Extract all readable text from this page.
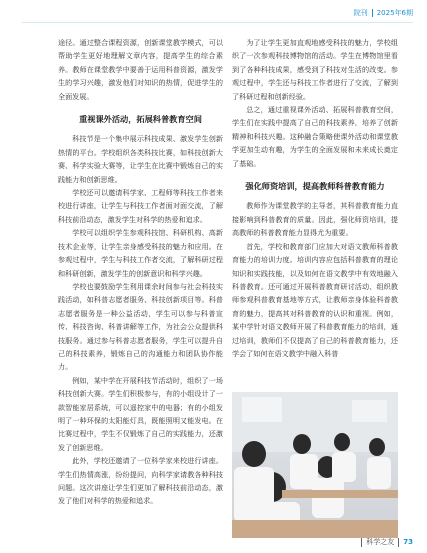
院刊 2025年6期

途径。通过整合课程资源，创新课堂教学模式，可以帮助学生更好地理解文章内容，提高学生的综合素养。教师在课堂教学中要善于运用科普资源，激发学生的学习兴趣，激发他们对知识的热情，促进学生的全面发展。

重视课外活动，拓展科普教育空间

科技节是一个集中展示科技成果、激发学生创新热情的平台。学校组织各类科技比赛，如科技创新大赛、科学实验大赛等，让学生在比赛中锻炼自己的实践能力和创新思维。

学校还可以邀请科学家、工程师等科技工作者来校进行讲座，让学生与科技工作者面对面交流，了解科技前沿动态，激发学生对科学的热爱和追求。

学校可以组织学生参观科技馆、科研机构、高新技术企业等，让学生亲身感受科技的魅力和应用。在参观过程中，学生与科技工作者交流，了解科研过程和科研创新，激发学生的创新意识和科学兴趣。

学校也要鼓励学生利用课余时间参与社会科技实践活动，如科普志愿者服务、科技创新项目等。科普志愿者服务是一种公益活动，学生可以参与科普宣传、科技咨询、科普讲解等工作，为社会公众提供科技服务。通过参与科普志愿者服务，学生可以提升自己的科技素养，锻炼自己的沟通能力和团队协作能力。

例如，某中学在开展科技节活动时，组织了一场科技创新大赛。学生们积极参与，有的小组设计了一款智能家居系统，可以遥控家中的电器；有的小组发明了一种环保的太阳能灯具，既能照明又能发电。在比赛过程中，学生不仅锻炼了自己的实践能力，还激发了创新思维。

此外，学校还邀请了一位科学家来校进行讲座。学生们热情高涨，纷纷提问，向科学家请教各种科技问题。这次讲座让学生们更加了解科技前沿动态，激发了他们对科学的热爱和追求。

为了让学生更加直观地感受科技的魅力，学校组织了一次参观科技博物馆的活动。学生在博物馆里看到了各种科技成果，感受到了科技对生活的改变。参观过程中，学生还与科技工作者进行了交流，了解到了科研过程和创新经验。

总之，通过重视课外活动、拓展科普教育空间，学生们在实践中提高了自己的科技素养，培养了创新精神和科技兴趣。这种融合策略使课外活动和课堂教学更加生动有趣，为学生的全面发展和未来成长奠定了基础。

强化师资培训，提高教师科普教育能力

教师作为课堂教学的主导者，其科普教育能力直接影响到科普教育的质量。因此，强化师资培训，提高教师的科普教育能力显得尤为重要。

首先，学校和教育部门应加大对语文教师科普教育能力的培训力度。培训内容应包括科普教育的理论知识和实践技能，以及如何在语文教学中有效地融入科普教育。还可通过开展科普教育研讨活动、组织教师参观科普教育基地等方式，让教师亲身体验科普教育的魅力，提高其对科普教育的认识和重视。例如，某中学针对语文教师开展了科普教育能力的培训，通过培训，教师们不仅提高了自己的科普教育能力，还学会了如何在语文教学中融入科普

科学之友 73
